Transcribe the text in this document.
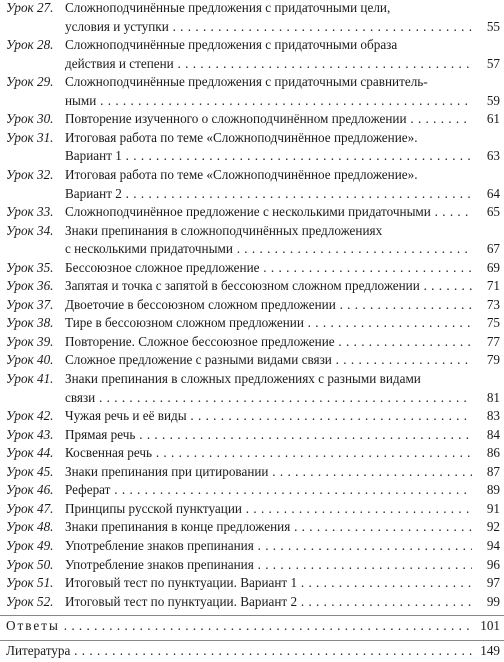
Урок 27. Сложноподчинённые предложения с придаточными цели,
условия и уступки . . .	55
Урок 28. Сложноподчинённые предложения с придаточными образа
действия и степени . . .	57
Урок 29. Сложноподчинённые предложения с придаточными сравнитель-
ными . . .	59
Урок 30. Повторение изученного о сложноподчинённом предложении . . .	61
Урок 31. Итоговая работа по теме «Сложноподчинённое предложение».
Вариант 1 . . .	63
Урок 32. Итоговая работа по теме «Сложноподчинённое предложение».
Вариант 2 . . .	64
Урок 33. Сложноподчинённое предложение с несколькими придаточными . . .	65
Урок 34. Знаки препинания в сложноподчинённых предложениях
с несколькими придаточными . . .	67
Урок 35. Бессоюзное сложное предложение . . .	69
Урок 36. Запятая и точка с запятой в бессоюзном сложном предложении . . .	71
Урок 37. Двоеточие в бессоюзном сложном предложении . . .	73
Урок 38. Тире в бессоюзном сложном предложении . . .	75
Урок 39. Повторение. Сложное бессоюзное предложение . . .	77
Урок 40. Сложное предложение с разными видами связи . . .	79
Урок 41. Знаки препинания в сложных предложениях с разными видами
связи . . .	81
Урок 42. Чужая речь и её виды . . .	83
Урок 43. Прямая речь . . .	84
Урок 44. Косвенная речь . . .	86
Урок 45. Знаки препинания при цитировании . . .	87
Урок 46. Реферат . . .	89
Урок 47. Принципы русской пунктуации . . .	91
Урок 48. Знаки препинания в конце предложения . . .	92
Урок 49. Употребление знаков препинания . . .	94
Урок 50. Употребление знаков препинания . . .	96
Урок 51. Итоговый тест по пунктуации. Вариант 1 . . .	97
Урок 52. Итоговый тест по пунктуации. Вариант 2 . . .	99
Ответы . . .	101
Литература . . .	149
